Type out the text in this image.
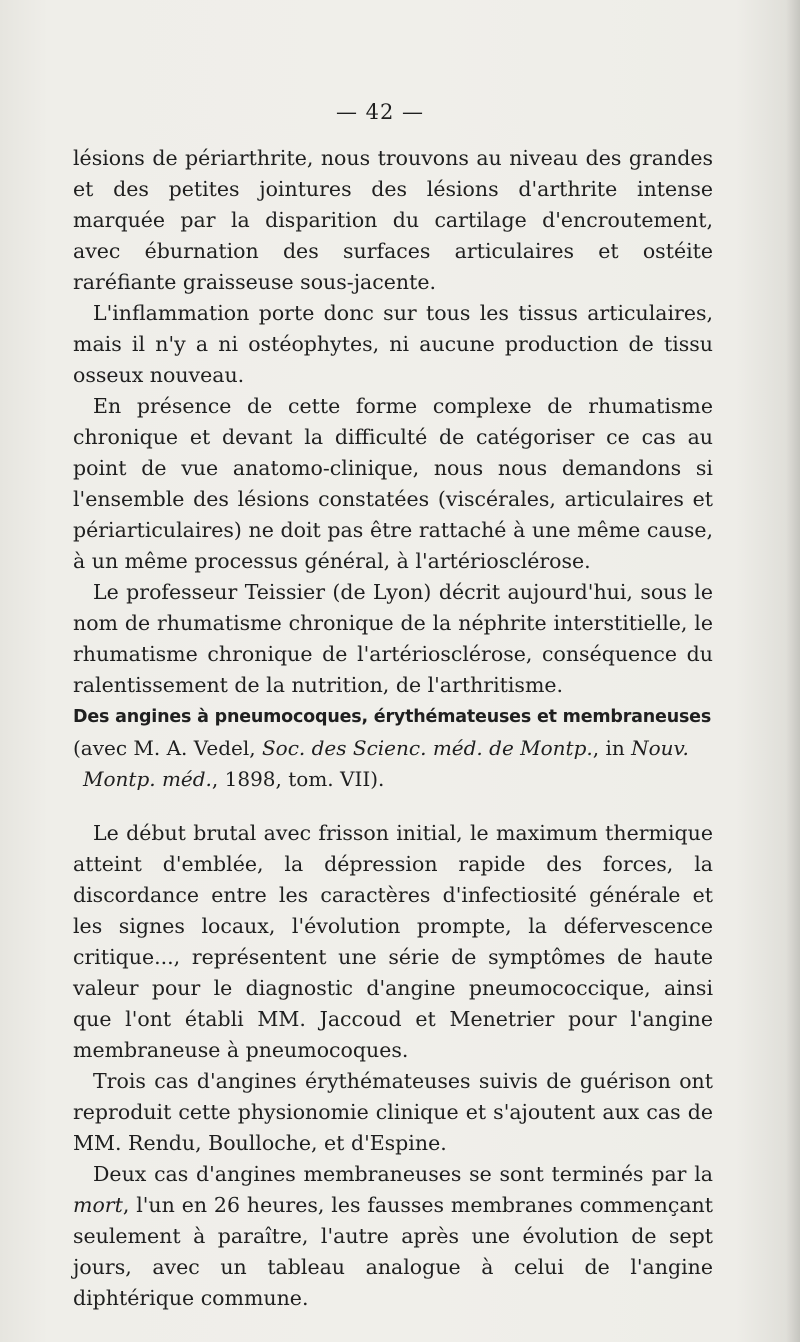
— 42 —

lésions de périarthrite, nous trouvons au niveau des grandes et des petites jointures des lésions d'arthrite intense marquée par la disparition du cartilage d'encroutement, avec éburnation des surfaces articulaires et ostéite raréfiante graisseuse sous-jacente.

L'inflammation porte donc sur tous les tissus articulaires, mais il n'y a ni ostéophytes, ni aucune production de tissu osseux nouveau.

En présence de cette forme complexe de rhumatisme chronique et devant la difficulté de catégoriser ce cas au point de vue anatomo-clinique, nous nous demandons si l'ensemble des lésions constatées (viscérales, articulaires et périarticulaires) ne doit pas être rattaché à une même cause, à un même processus général, à l'artériosclérose.

Le professeur Teissier (de Lyon) décrit aujourd'hui, sous le nom de rhumatisme chronique de la néphrite interstitielle, le rhumatisme chronique de l'artériosclérose, conséquence du ralentissement de la nutrition, de l'arthritisme.

Des angines à pneumocoques, érythémateuses et membraneuses
(avec M. A. Vedel, Soc. des Scienc. méd. de Montp., in Nouv. Montp. méd., 1898, tom. VII).

Le début brutal avec frisson initial, le maximum thermique atteint d'emblée, la dépression rapide des forces, la discordance entre les caractères d'infectiosité générale et les signes locaux, l'évolution prompte, la défervescence critique..., représentent une série de symptômes de haute valeur pour le diagnostic d'angine pneumococcique, ainsi que l'ont établi MM. Jaccoud et Menetrier pour l'angine membraneuse à pneumocoques.

Trois cas d'angines érythémateuses suivis de guérison ont reproduit cette physionomie clinique et s'ajoutent aux cas de MM. Rendu, Boulloche, et d'Espine.

Deux cas d'angines membraneuses se sont terminés par la mort, l'un en 26 heures, les fausses membranes commençant seulement à paraître, l'autre après une évolution de sept jours, avec un tableau analogue à celui de l'angine diphtérique commune.
